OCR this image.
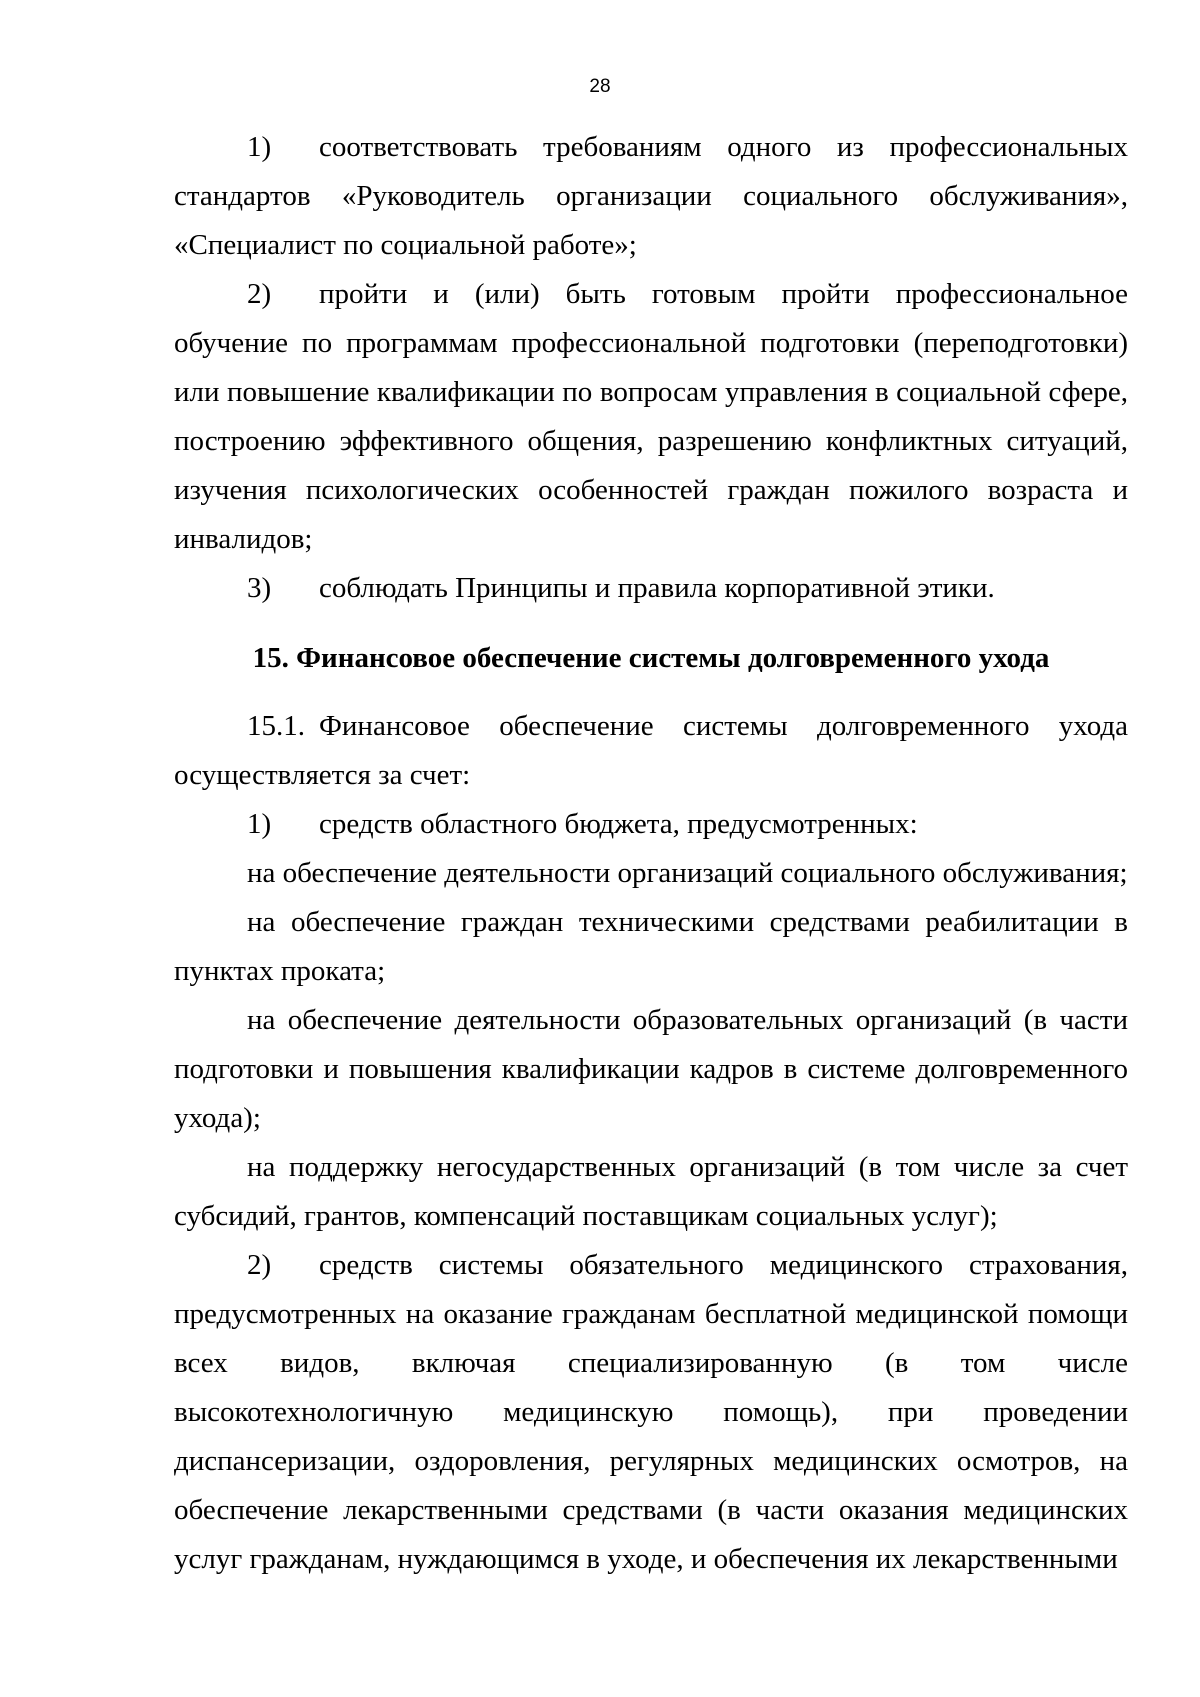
28

1) соответствовать требованиям одного из профессиональных стандартов «Руководитель организации социального обслуживания», «Специалист по социальной работе»;

2) пройти и (или) быть готовым пройти профессиональное обучение по программам профессиональной подготовки (переподготовки) или повышение квалификации по вопросам управления в социальной сфере, построению эффективного общения, разрешению конфликтных ситуаций, изучения психологических особенностей граждан пожилого возраста и инвалидов;

3) соблюдать Принципы и правила корпоративной этики.

15. Финансовое обеспечение системы долговременного ухода

15.1. Финансовое обеспечение системы долговременного ухода осуществляется за счет:

1) средств областного бюджета, предусмотренных:

на обеспечение деятельности организаций социального обслуживания;

на обеспечение граждан техническими средствами реабилитации в пунктах проката;

на обеспечение деятельности образовательных организаций (в части подготовки и повышения квалификации кадров в системе долговременного ухода);

на поддержку негосударственных организаций (в том числе за счет субсидий, грантов, компенсаций поставщикам социальных услуг);

2) средств системы обязательного медицинского страхования, предусмотренных на оказание гражданам бесплатной медицинской помощи всех видов, включая специализированную (в том числе высокотехнологичную медицинскую помощь), при проведении диспансеризации, оздоровления, регулярных медицинских осмотров, на обеспечение лекарственными средствами (в части оказания медицинских услуг гражданам, нуждающимся в уходе, и обеспечения их лекарственными
